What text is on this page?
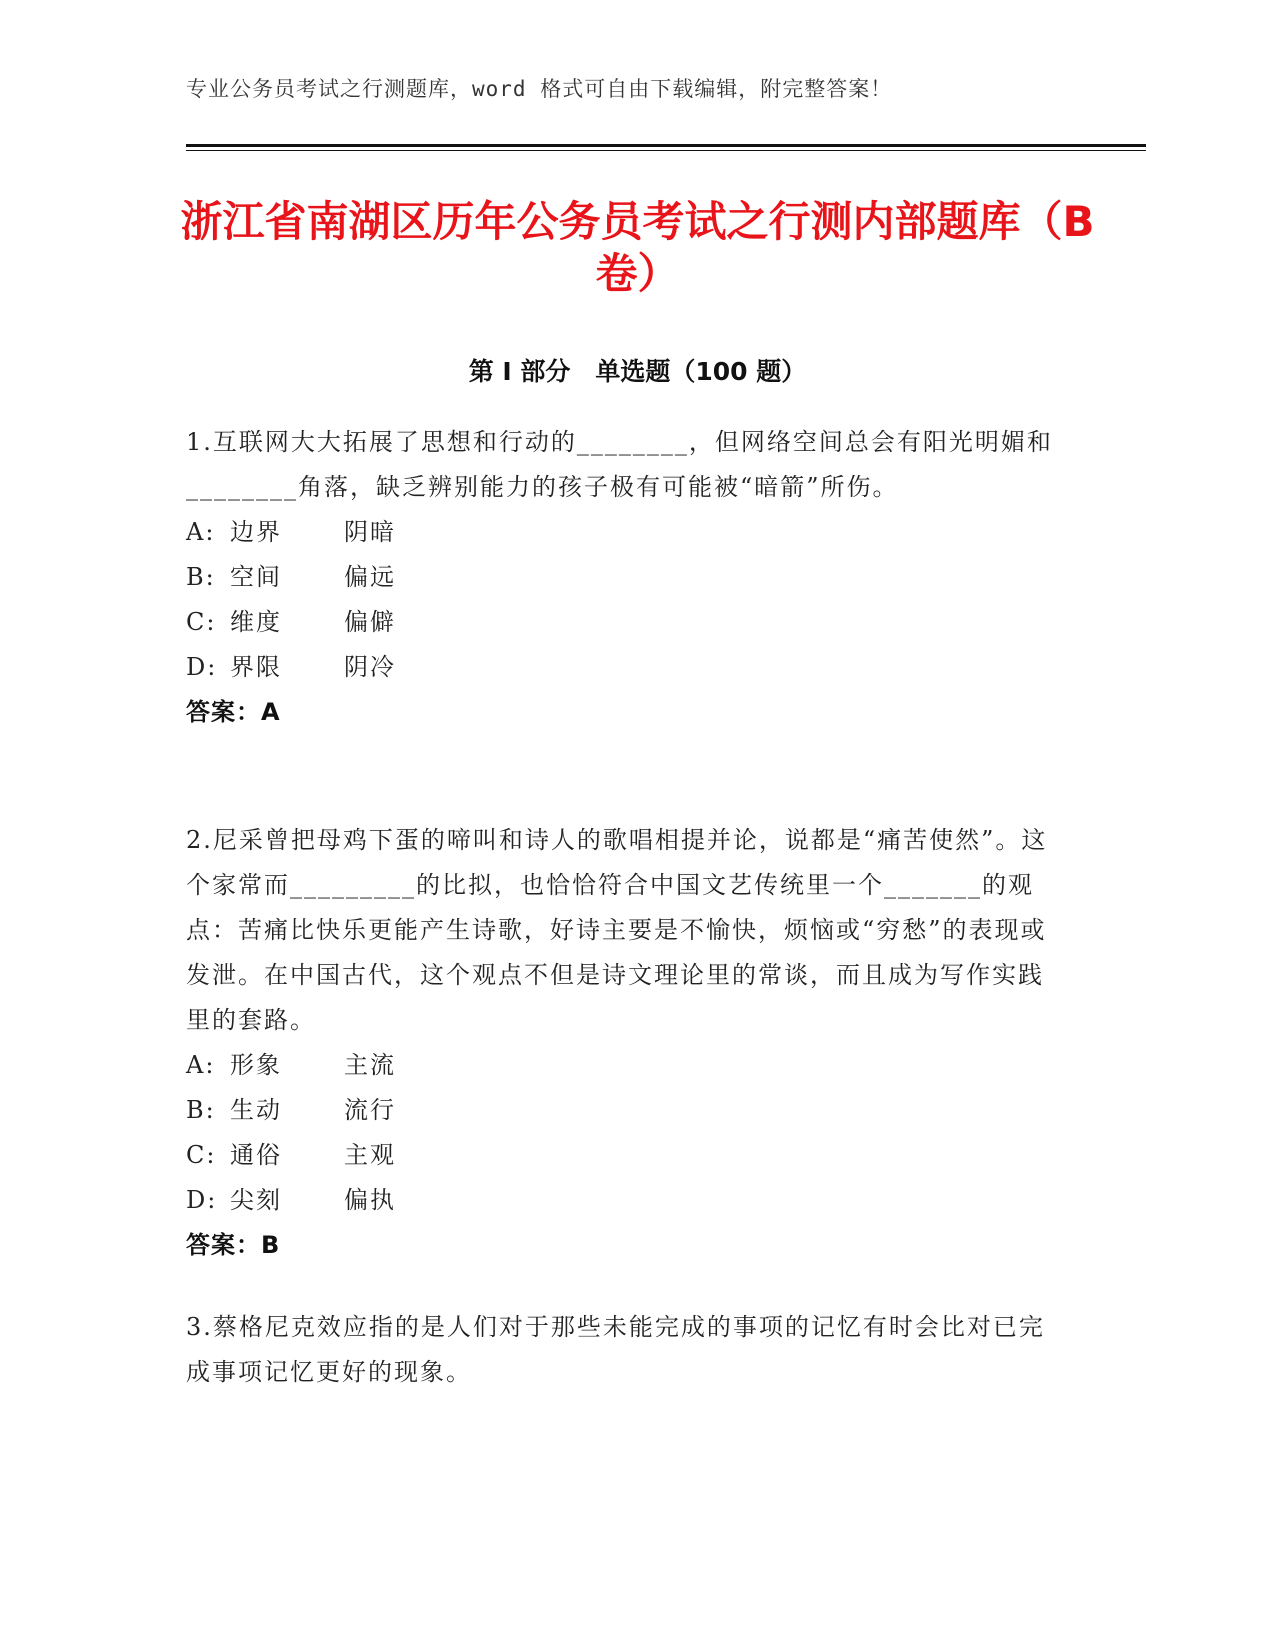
专业公务员考试之行测题库，word 格式可自由下载编辑，附完整答案！
浙江省南湖区历年公务员考试之行测内部题库（B 卷）
第 I 部分　单选题（100 题）

1.互联网大大拓展了思想和行动的________，但网络空间总会有阳光明媚和________角落，缺乏辨别能力的孩子极有可能被“暗箭”所伤。

A: 边界	阴暗

B: 空间	偏远

C: 维度	偏僻

D: 界限	阴冷

答案：A

2.尼采曾把母鸡下蛋的啼叫和诗人的歌唱相提并论，说都是“痛苦使然”。这个家常而_________的比拟，也恰恰符合中国文艺传统里一个_______的观点：苦痛比快乐更能产生诗歌，好诗主要是不愉快，烦恼或“穷愁”的表现或发泄。在中国古代，这个观点不但是诗文理论里的常谈，而且成为写作实践里的套路。

A: 形象	主流

B: 生动	流行

C: 通俗	主观

D: 尖刻	偏执

答案：B

3.蔡格尼克效应指的是人们对于那些未能完成的事项的记忆有时会比对已完成事项记忆更好的现象。
